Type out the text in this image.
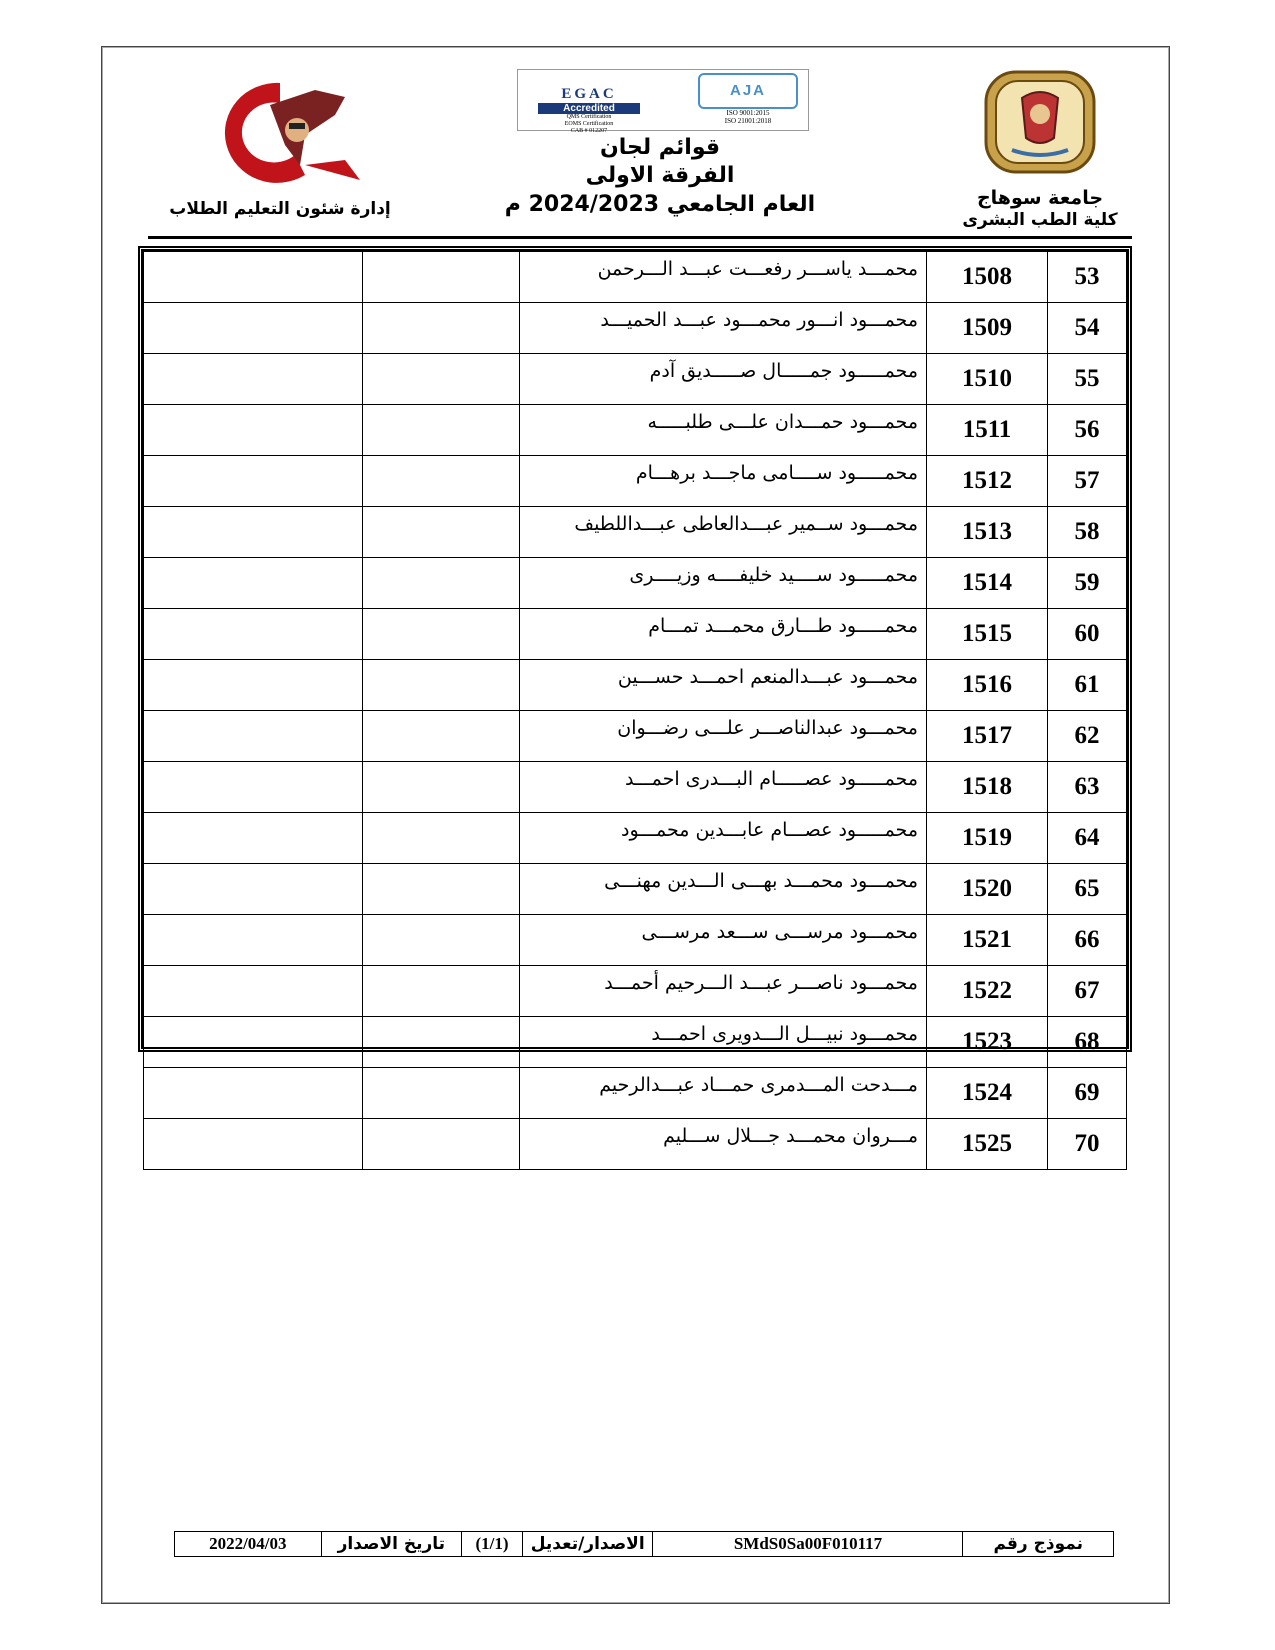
جامعة سوهاج
كلية الطب البشرى
EGAC
Accredited
QMS Certification
EOMS Certification
CAB # 012207
AJA
ISO 9001:2015
ISO 21001:2018
قوائم لجان
الفرقة الاولى
العام الجامعي 2024/2023 م
إدارة شئون التعليم الطلاب
53	1508	محمـــد ياســـر رفعـــت عبـــد الـــرحمن		
54	1509	محمـــود انـــور محمـــود عبـــد الحميـــد		
55	1510	محمـــــود جمـــــال صـــــديق آدم		
56	1511	محمـــود حمـــدان علـــى طلبـــــه		
57	1512	محمـــــود ســــامى ماجـــد برهـــام		
58	1513	محمـــود ســمير عبـــدالعاطى عبـــداللطيف		
59	1514	محمـــــود ســــيد خليفــــه وزيــــرى		
60	1515	محمـــــود طـــارق محمـــد تمـــام		
61	1516	محمـــود عبـــدالمنعم احمـــد حســـين		
62	1517	محمـــود عبدالناصـــر علـــى رضـــوان		
63	1518	محمـــــود عصـــــام البـــدرى احمـــد		
64	1519	محمـــــود عصـــام عابـــدين محمـــود		
65	1520	محمـــود محمـــد بهـــى الـــدين مهنـــى		
66	1521	محمـــود مرســـى ســـعد مرســـى		
67	1522	محمـــود ناصـــر عبـــد الـــرحيم أحمـــد		
68	1523	محمـــود نبيـــل الـــدويرى احمـــد		
69	1524	مـــدحت المـــدمرى حمـــاد عبـــدالرحيم		
70	1525	مـــروان محمـــد جـــلال ســـليم		
نموذج رقم
SMdS0Sa00F010117
الاصدار/تعديل
(1/1)
تاريخ الاصدار
2022/04/03
